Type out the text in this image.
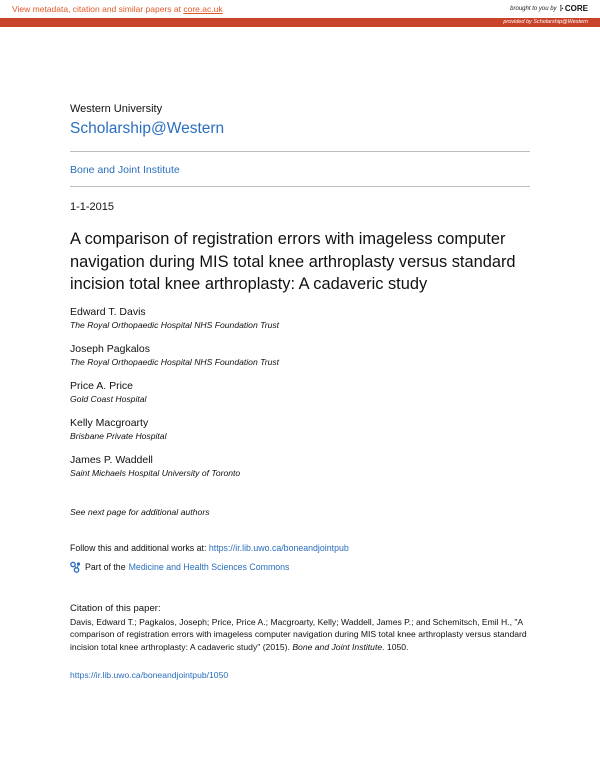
View metadata, citation and similar papers at core.ac.uk	brought to you by ⁞· CORE
provided by Scholarship@Western
Western University
Scholarship@Western
Bone and Joint Institute
1-1-2015
A comparison of registration errors with imageless computer navigation during MIS total knee arthroplasty versus standard incision total knee arthroplasty: A cadaveric study
Edward T. Davis
The Royal Orthopaedic Hospital NHS Foundation Trust
Joseph Pagkalos
The Royal Orthopaedic Hospital NHS Foundation Trust
Price A. Price
Gold Coast Hospital
Kelly Macgroarty
Brisbane Private Hospital
James P. Waddell
Saint Michaels Hospital University of Toronto
See next page for additional authors
Follow this and additional works at: https://ir.lib.uwo.ca/boneandjointpub
Part of the Medicine and Health Sciences Commons
Citation of this paper:
Davis, Edward T.; Pagkalos, Joseph; Price, Price A.; Macgroarty, Kelly; Waddell, James P.; and Schemitsch, Emil H., "A comparison of registration errors with imageless computer navigation during MIS total knee arthroplasty versus standard incision total knee arthroplasty: A cadaveric study" (2015). Bone and Joint Institute. 1050.
https://ir.lib.uwo.ca/boneandjointpub/1050
